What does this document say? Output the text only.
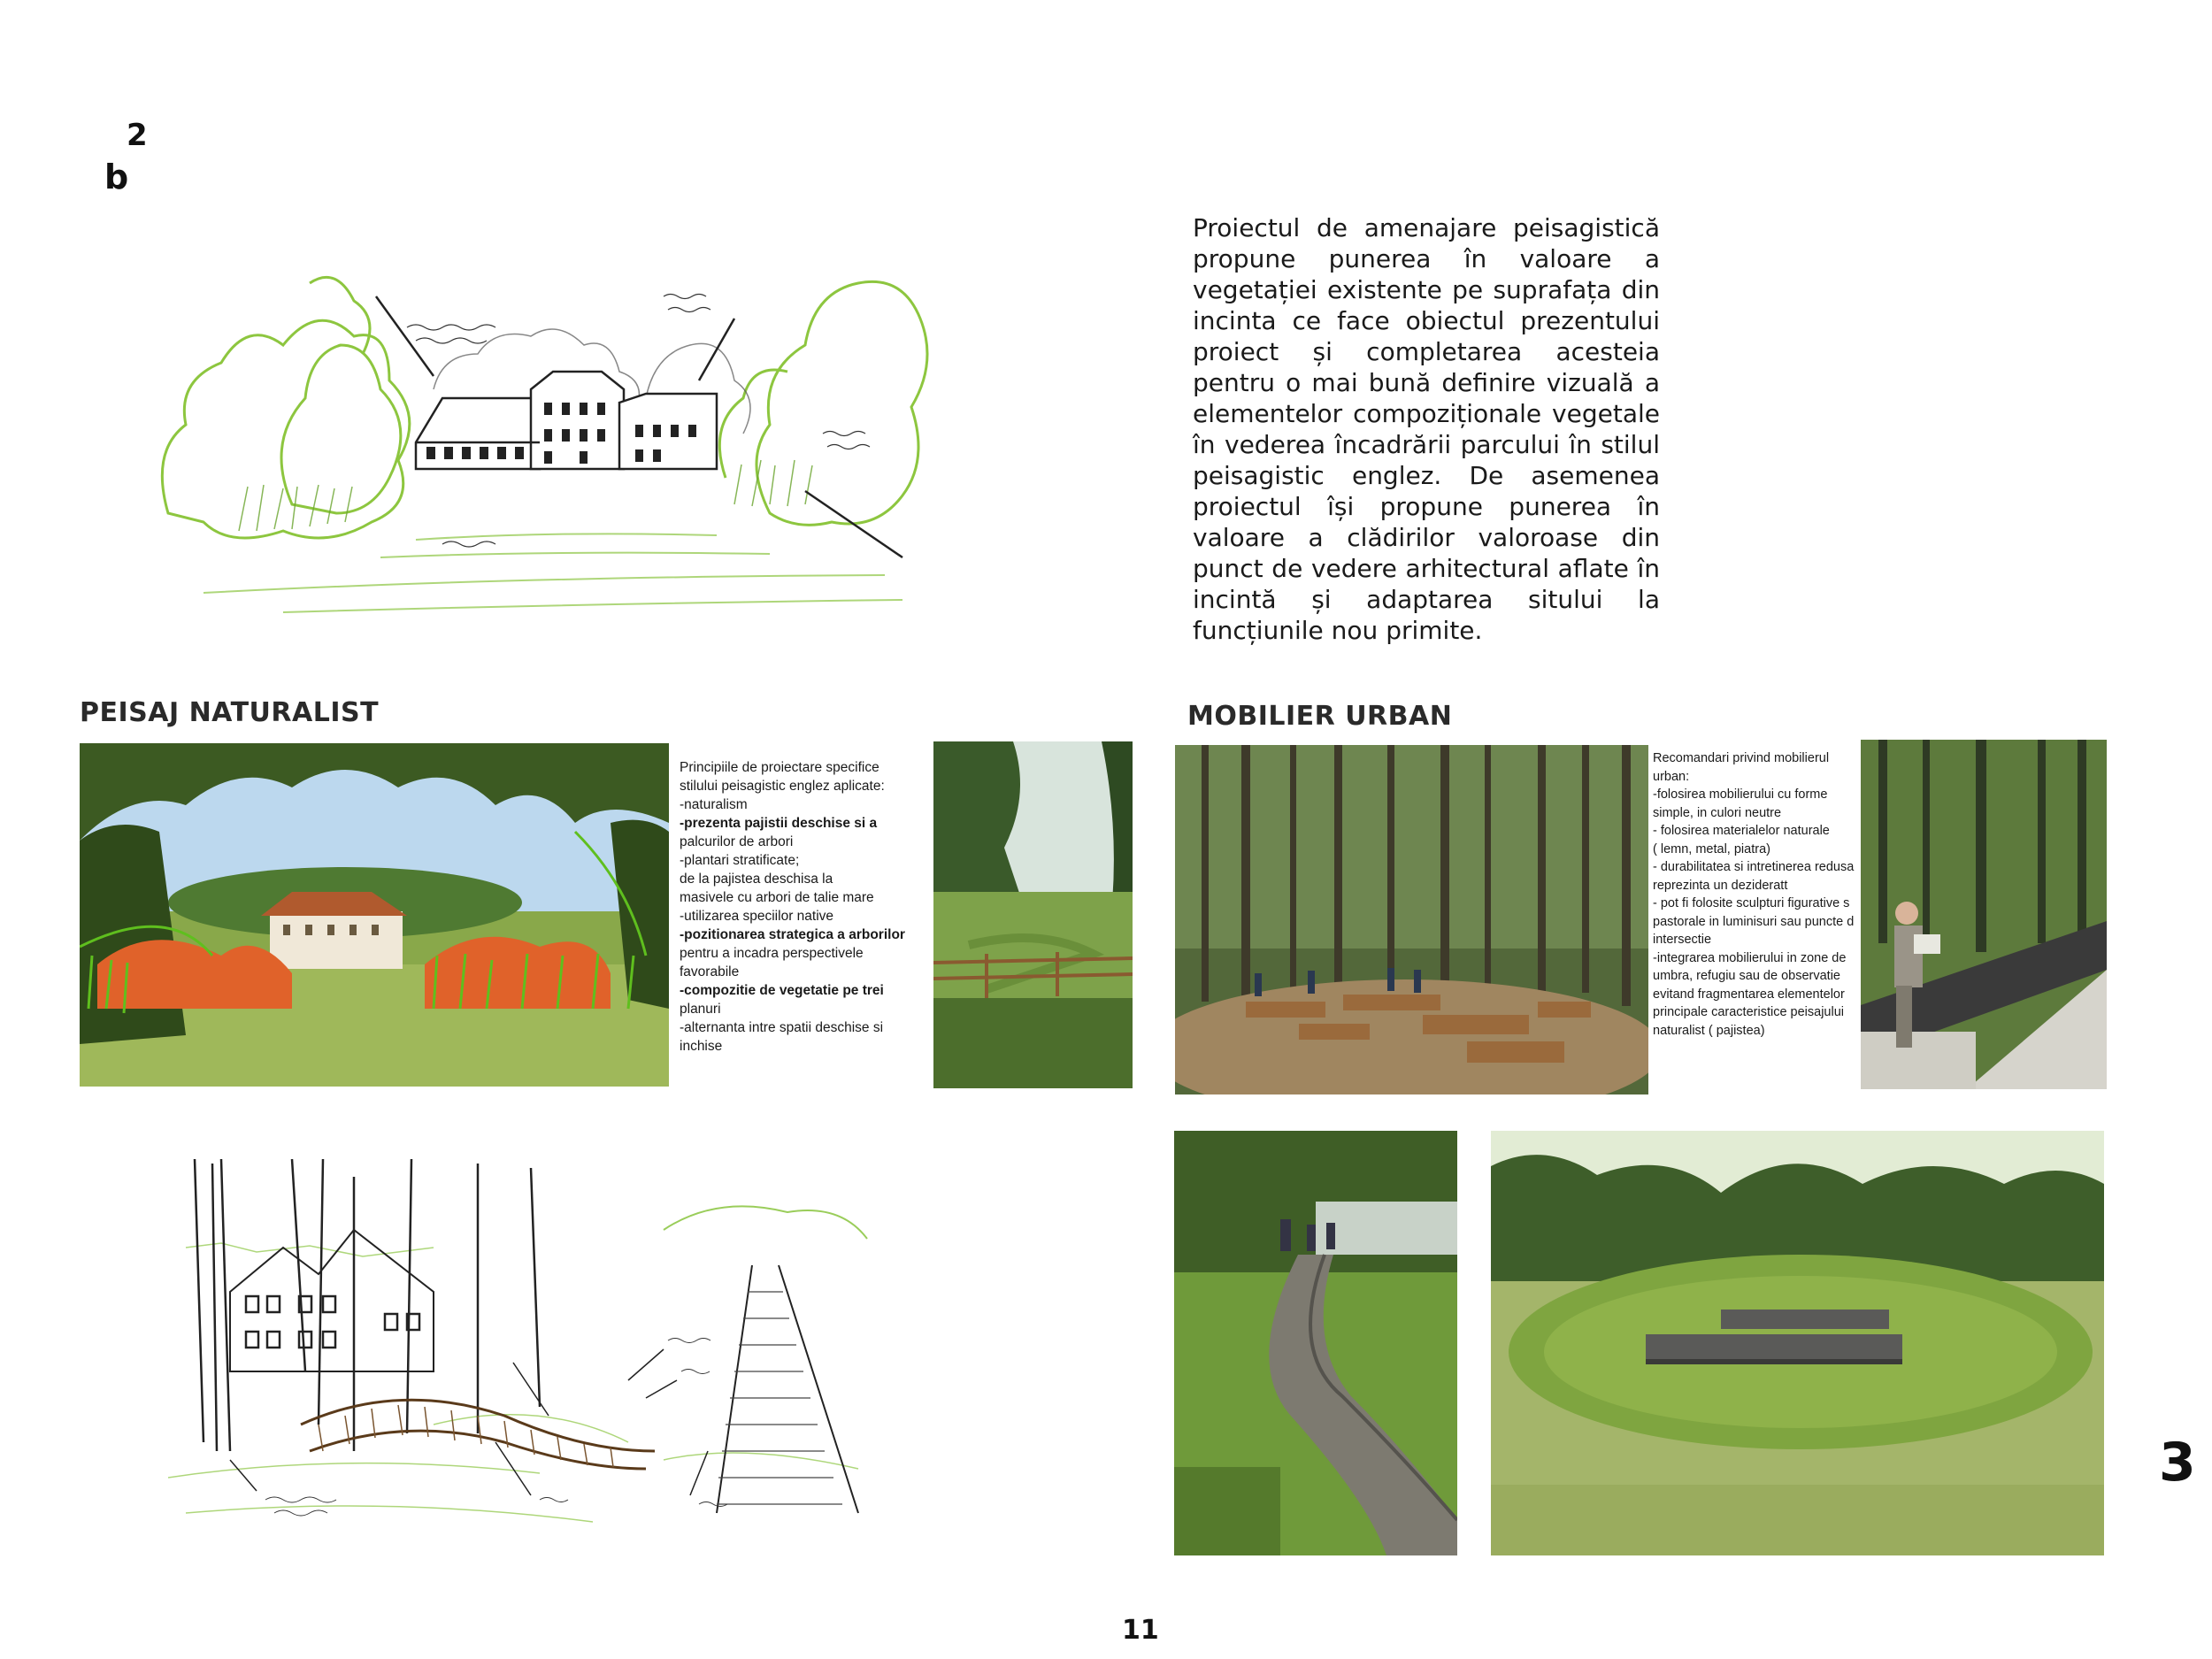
2
b
Proiectul de amenajare peisagistică propune punerea în valoare a vegetației existente pe suprafața din incinta ce face obiectul prezentului proiect și completarea acesteia pentru o mai bună definire vizuală a elementelor compoziționale vegetale în vederea încadrării parcului în stilul peisagistic englez. De asemenea proiectul își propune punerea în valoare a clădirilor valoroase din punct de vedere arhitectural aflate în incintă și adaptarea sitului la funcțiunile nou primite.
PEISAJ NATURALIST
Principiile de proiectare specifice
stilului peisagistic englez aplicate:
-naturalism
-prezenta pajistii deschise si a
palcurilor de arbori
-plantari stratificate;
de la pajistea deschisa la
masivele cu arbori de talie mare
-utilizarea speciilor native
-pozitionarea strategica a arborilor
pentru a incadra perspectivele
favorabile
-compozitie de vegetatie pe trei
planuri
-alternanta intre spatii deschise si
inchise
MOBILIER URBAN
Recomandari privind mobilierul
urban:
-folosirea mobilierului cu forme
simple, in culori neutre
- folosirea materialelor naturale
( lemn, metal, piatra)
- durabilitatea si intretinerea redusa
reprezinta un dezideratt
- pot fi folosite sculpturi figurative s
pastorale in luminisuri sau puncte d
intersectie
-integrarea mobilierului in zone de
umbra, refugiu sau de observatie
evitand fragmentarea elementelor
principale caracteristice peisajului
naturalist ( pajistea)
11
3
